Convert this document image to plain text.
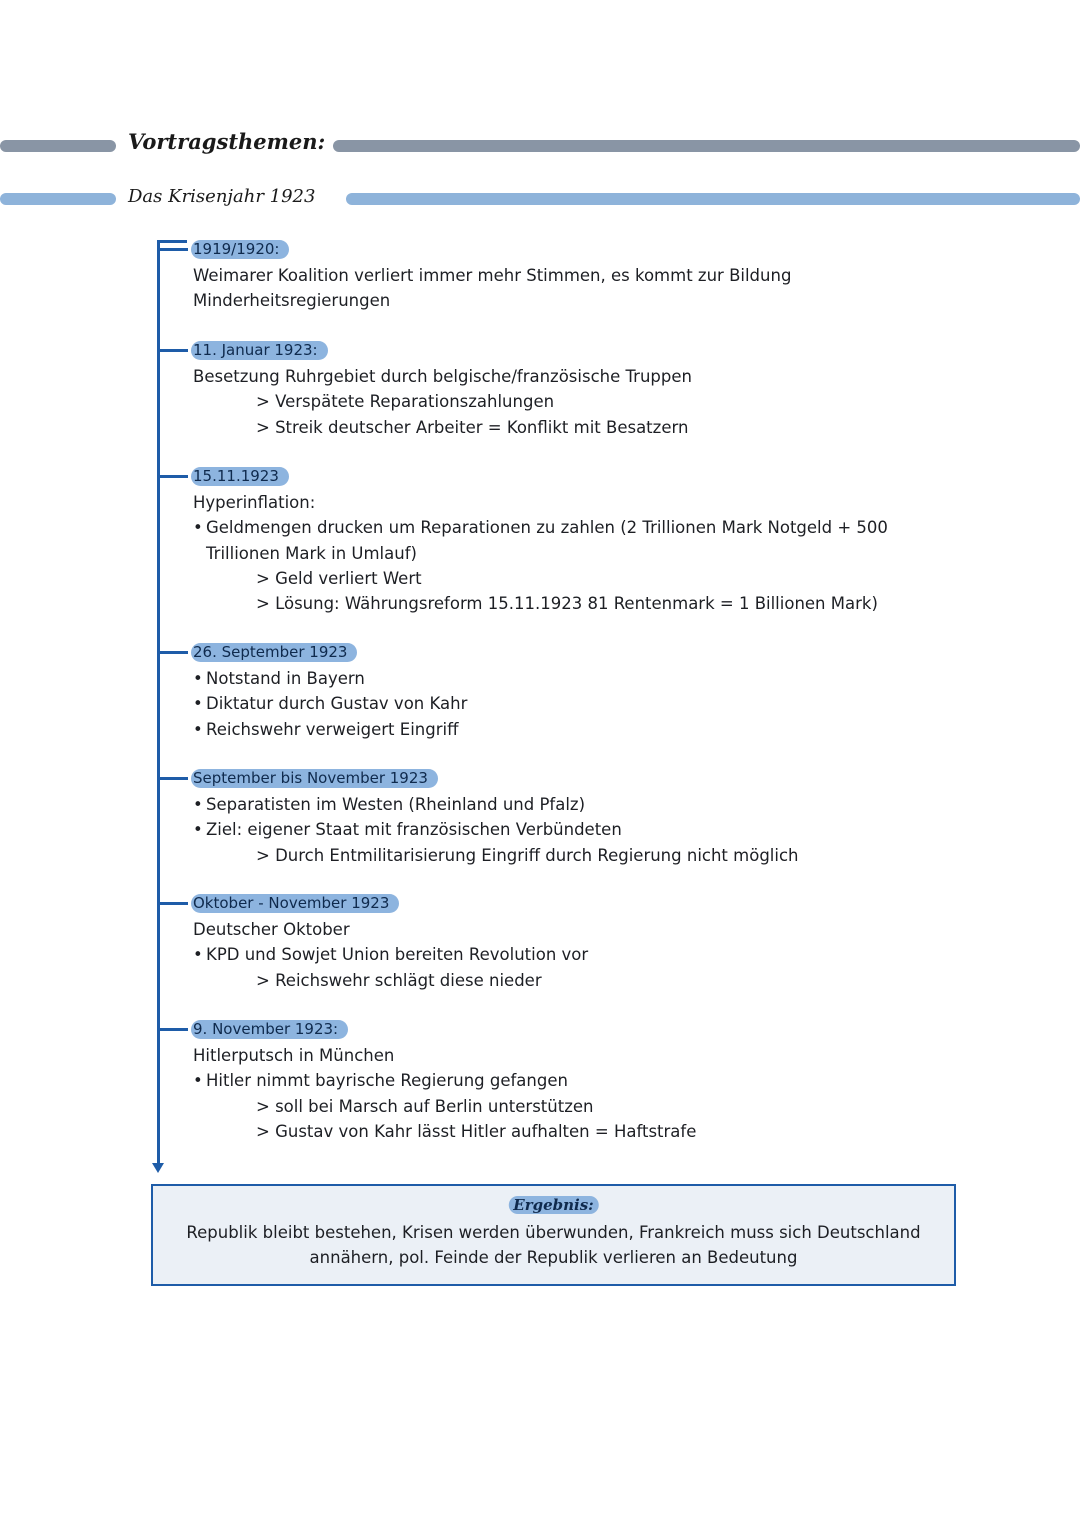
Vortragsthemen:
Das Krisenjahr 1923
1919/1920:
Weimarer Koalition verliert immer mehr Stimmen, es kommt zur Bildung
Minderheitsregierungen
11. Januar 1923:
Besetzung Ruhrgebiet durch belgische/französische Truppen
> Verspätete Reparationszahlungen
> Streik deutscher Arbeiter = Konflikt mit Besatzern
15.11.1923
Hyperinflation:
• Geldmengen drucken um Reparationen zu zahlen (2 Trillionen Mark Notgeld + 500
Trillionen Mark in Umlauf)
> Geld verliert Wert
> Lösung: Währungsreform 15.11.1923 81 Rentenmark = 1 Billionen Mark)
26. September 1923
• Notstand in Bayern
• Diktatur durch Gustav von Kahr
• Reichswehr verweigert Eingriff
September bis November 1923
• Separatisten im Westen (Rheinland und Pfalz)
• Ziel: eigener Staat mit französischen Verbündeten
> Durch Entmilitarisierung Eingriff durch Regierung nicht möglich
Oktober - November 1923
Deutscher Oktober
• KPD und Sowjet Union bereiten Revolution vor
> Reichswehr schlägt diese nieder
9. November 1923:
Hitlerputsch in München
• Hitler nimmt bayrische Regierung gefangen
> soll bei Marsch auf Berlin unterstützen
> Gustav von Kahr lässt Hitler aufhalten = Haftstrafe
Ergebnis:
Republik bleibt bestehen, Krisen werden überwunden, Frankreich muss sich Deutschland
annähern, pol. Feinde der Republik verlieren an Bedeutung
